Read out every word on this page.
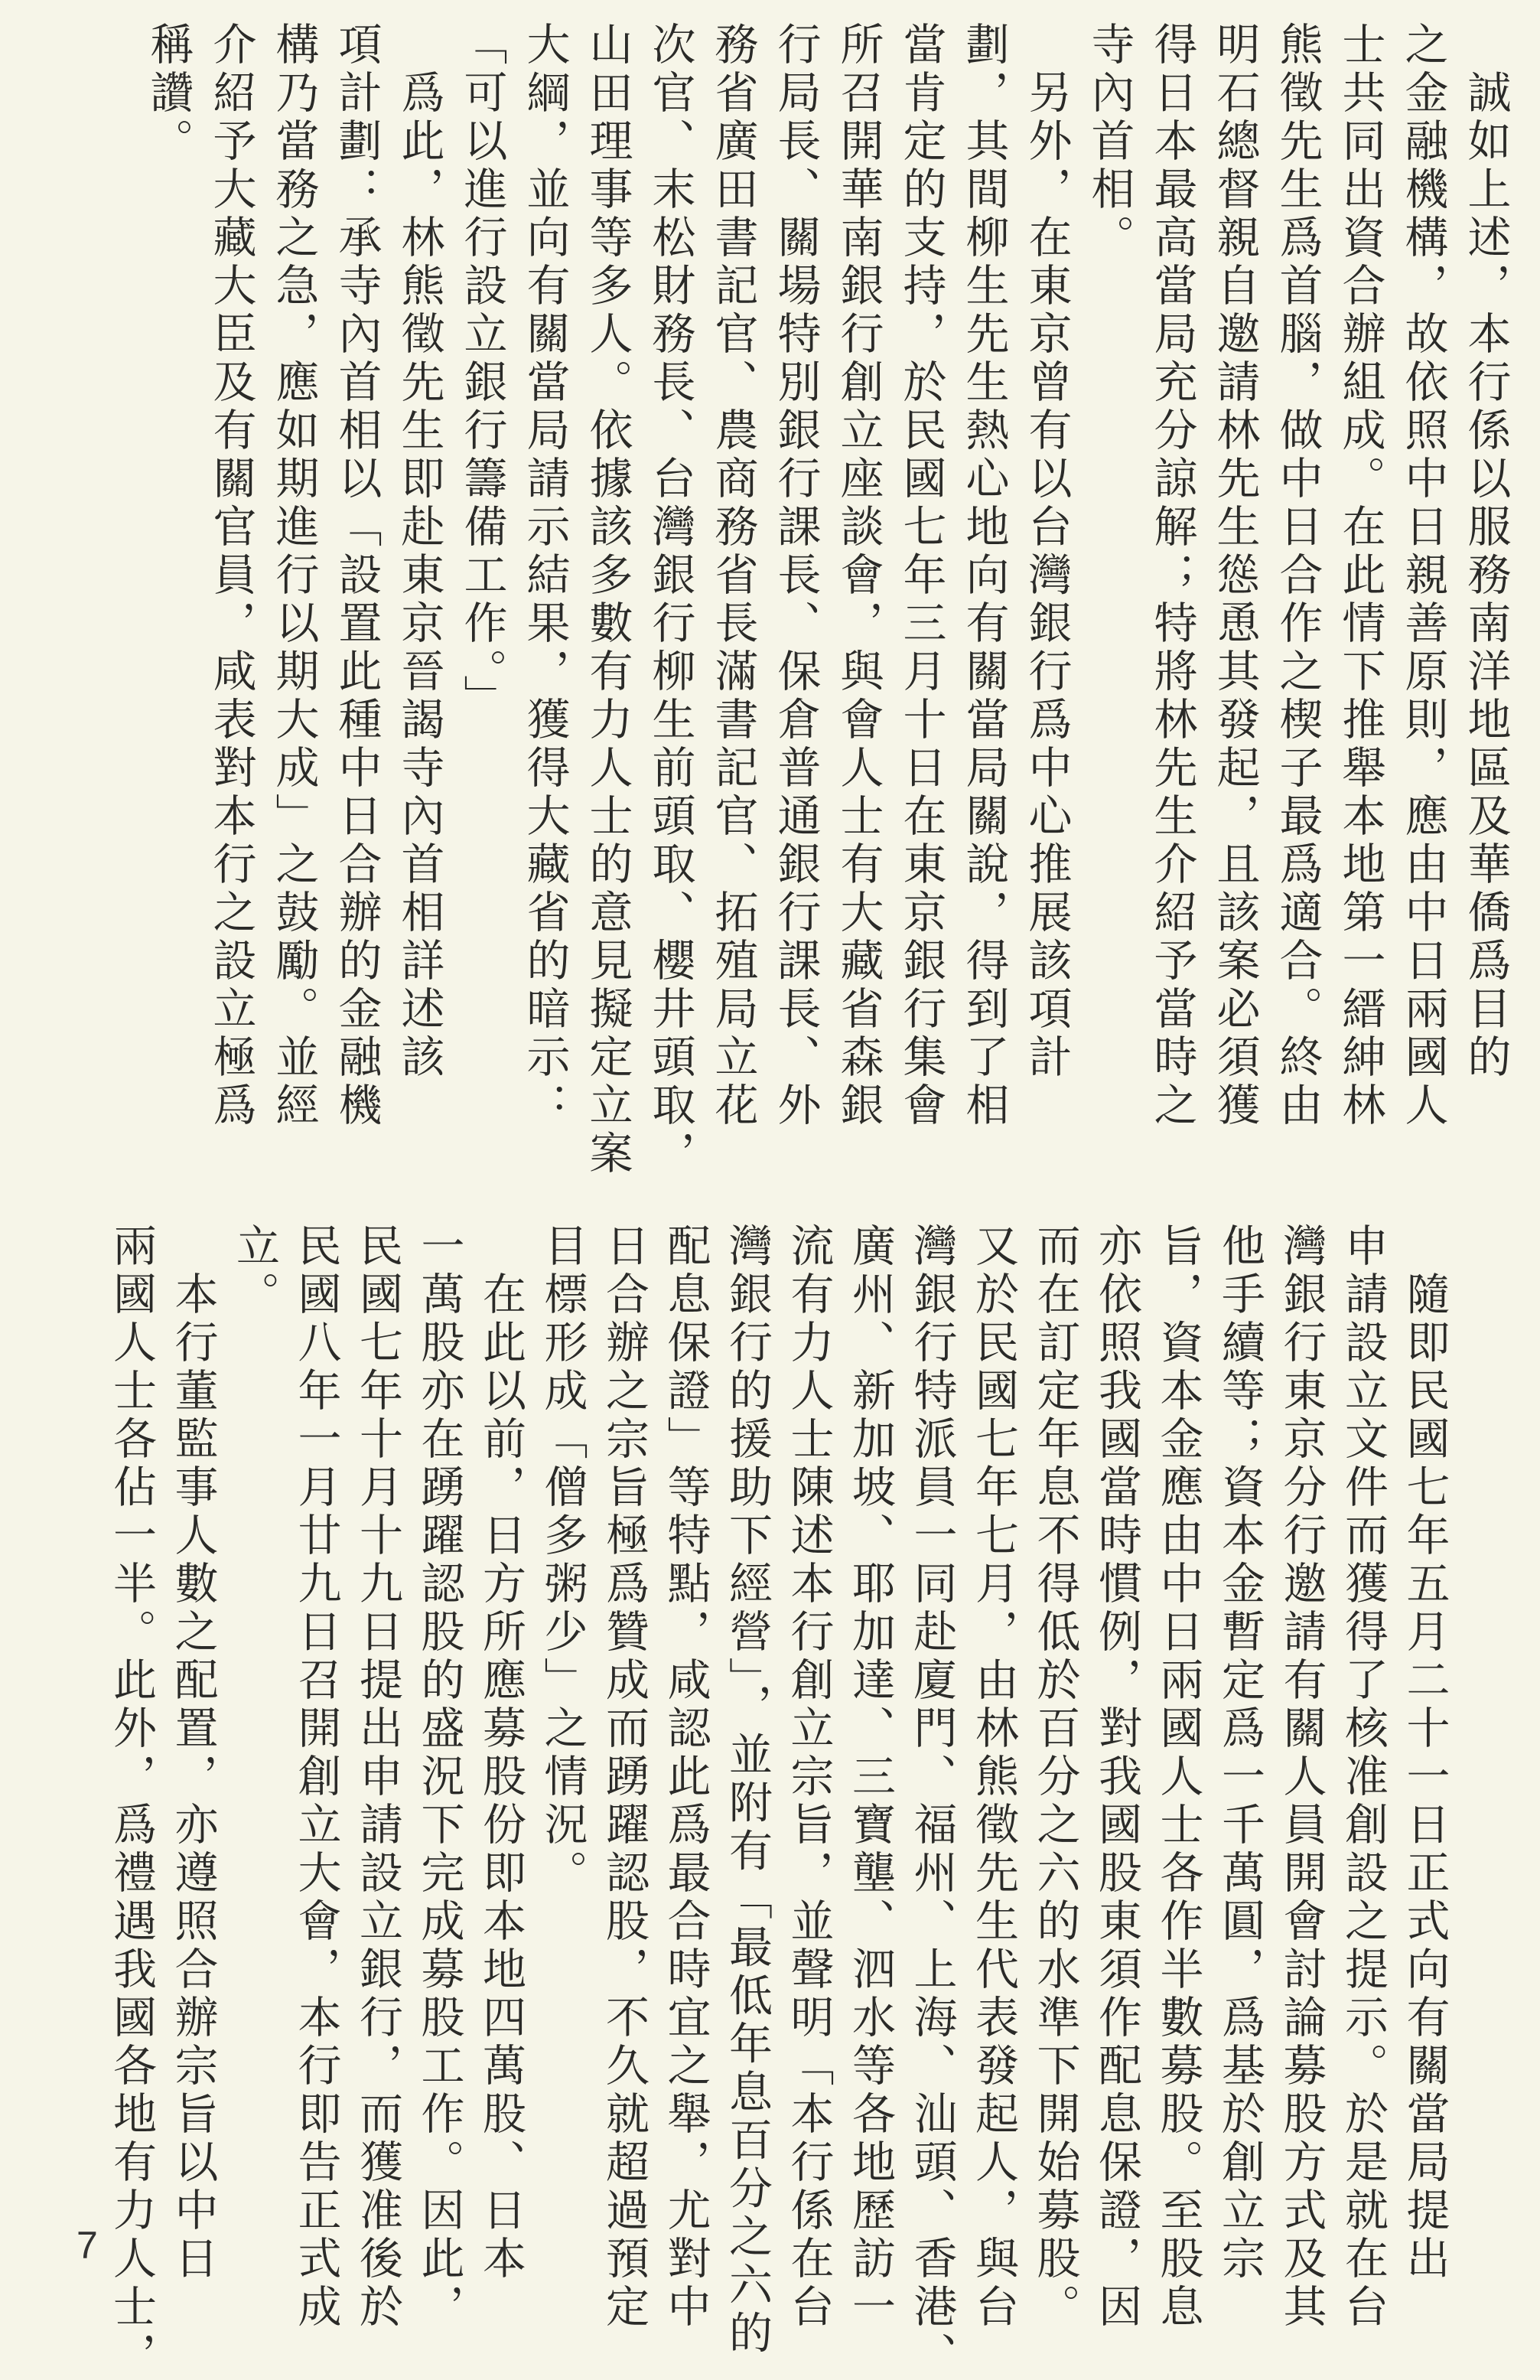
誠如上述，本行係以服務南洋地區及華僑爲目的
之金融機構，故依照中日親善原則，應由中日兩國人
士共同出資合辦組成。在此情下推舉本地第一縉紳林
熊徵先生爲首腦，做中日合作之楔子最爲適合。終由
明石總督親自邀請林先生慫恿其發起，且該案必須獲
得日本最高當局充分諒解；特將林先生介紹予當時之
寺內首相。
另外，在東京曾有以台灣銀行爲中心推展該項計
劃，其間柳生先生熱心地向有關當局關說，得到了相
當肯定的支持，於民國七年三月十日在東京銀行集會
所召開華南銀行創立座談會，與會人士有大藏省森銀
行局長、關場特別銀行課長、保倉普通銀行課長、外
務省廣田書記官、農商務省長滿書記官、拓殖局立花
次官、末松財務長、台灣銀行柳生前頭取、櫻井頭取，
山田理事等多人。依據該多數有力人士的意見擬定立案
大綱，並向有關當局請示結果，獲得大藏省的暗示：
「可以進行設立銀行籌備工作。」
爲此，林熊徵先生即赴東京晉謁寺內首相詳述該
項計劃：承寺內首相以「設置此種中日合辦的金融機
構乃當務之急，應如期進行以期大成」之鼓勵。並經
介紹予大藏大臣及有關官員，咸表對本行之設立極爲
稱讚。
隨即民國七年五月二十一日正式向有關當局提出
申請設立文件而獲得了核准創設之提示。於是就在台
灣銀行東京分行邀請有關人員開會討論募股方式及其
他手續等；資本金暫定爲一千萬圓，爲基於創立宗
旨，資本金應由中日兩國人士各作半數募股。至股息
亦依照我國當時慣例，對我國股東須作配息保證，因
而在訂定年息不得低於百分之六的水準下開始募股。
又於民國七年七月，由林熊徵先生代表發起人，與台
灣銀行特派員一同赴廈門、福州、上海、汕頭、香港、
廣州、新加坡、耶加達、三寶壟、泗水等各地歷訪一
流有力人士陳述本行創立宗旨，並聲明「本行係在台
灣銀行的援助下經營」，並附有「最低年息百分之六的
配息保證」等特點，咸認此爲最合時宜之舉，尤對中
日合辦之宗旨極爲贊成而踴躍認股，不久就超過預定
目標形成「僧多粥少」之情況。
在此以前，日方所應募股份即本地四萬股、日本
一萬股亦在踴躍認股的盛況下完成募股工作。因此，
民國七年十月十九日提出申請設立銀行，而獲准後於
民國八年一月廿九日召開創立大會，本行即告正式成
立。
本行董監事人數之配置，亦遵照合辦宗旨以中日
兩國人士各佔一半。此外，爲禮遇我國各地有力人士，
7
